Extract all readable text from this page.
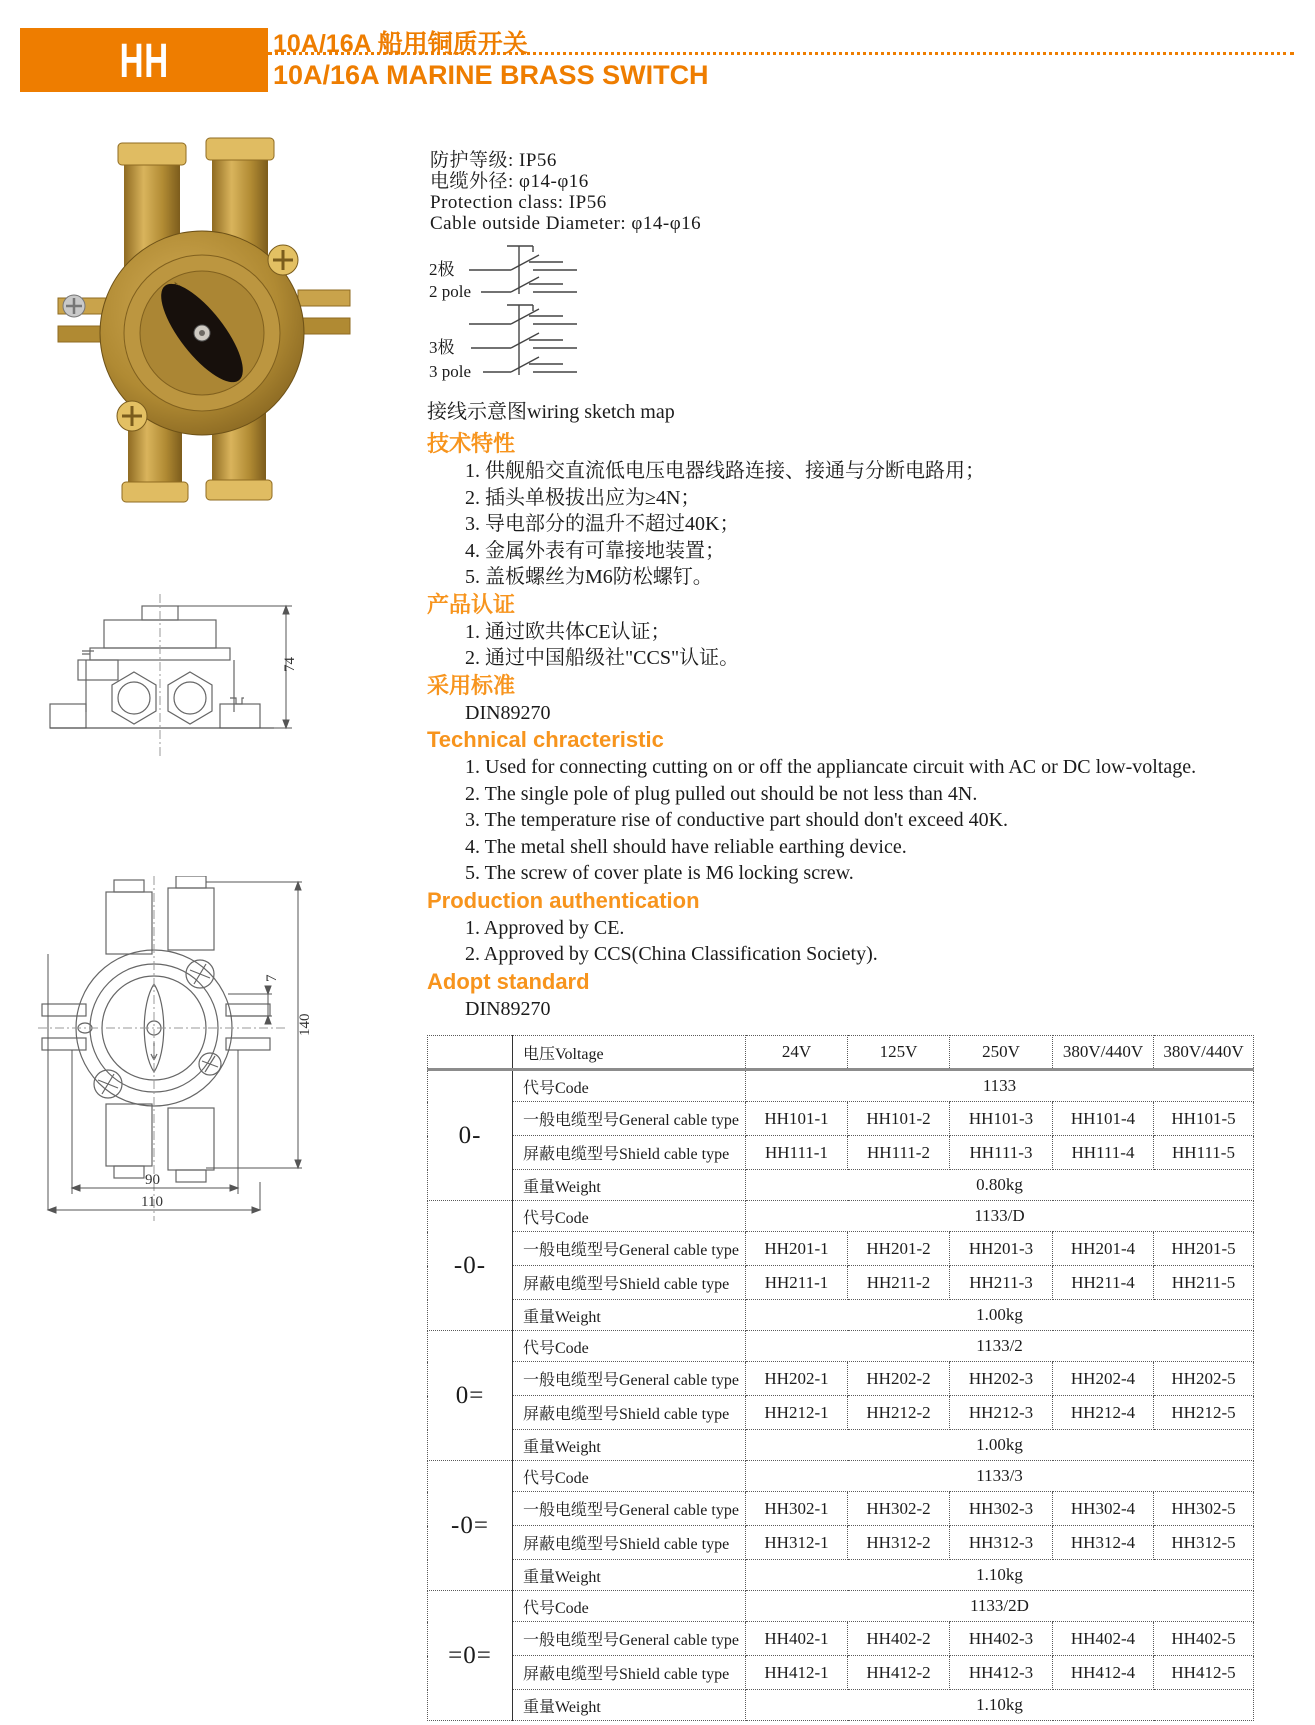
HH	10A/16A 船用铜质开关
10A/16A MARINE BRASS SWITCH
防护等级: IP56
电缆外径: φ14-φ16
Protection class: IP56
Cable outside Diameter: φ14-φ16
2极
2 pole
3极
3 pole
接线示意图wiring sketch map
技术特性
1. 供舰船交直流低电压电器线路连接、接通与分断电路用；
2. 插头单极拔出应为≥4N；
3. 导电部分的温升不超过40K；
4. 金属外表有可靠接地装置；
5. 盖板螺丝为M6防松螺钉。
产品认证
1. 通过欧共体CE认证；
2. 通过中国船级社"CCS"认证。
采用标准
DIN89270
Technical chracteristic
1. Used for connecting cutting on or off the appliancate circuit with AC or DC low-voltage.
2. The single pole of plug pulled out should be not less than 4N.
3. The temperature rise of conductive part should don't exceed 40K.
4. The metal shell should have reliable earthing device.
5. The screw of cover plate is M6 locking screw.
Production authentication
1. Approved by CE.
2. Approved by CCS(China Classification Society).
Adopt standard
DIN89270
74
7
140
90
110
	电压Voltage	24V	125V	250V	380V/440V	380V/440V
0-	代号Code	1133				
	一般电缆型号General cable type	HH101-1	HH101-2	HH101-3	HH101-4	HH101-5
	屏蔽电缆型号Shield cable type	HH111-1	HH111-2	HH111-3	HH111-4	HH111-5
	重量Weight	0.80kg				
-0-	代号Code	1133/D				
	一般电缆型号General cable type	HH201-1	HH201-2	HH201-3	HH201-4	HH201-5
	屏蔽电缆型号Shield cable type	HH211-1	HH211-2	HH211-3	HH211-4	HH211-5
	重量Weight	1.00kg				
0=	代号Code	1133/2				
	一般电缆型号General cable type	HH202-1	HH202-2	HH202-3	HH202-4	HH202-5
	屏蔽电缆型号Shield cable type	HH212-1	HH212-2	HH212-3	HH212-4	HH212-5
	重量Weight	1.00kg				
-0=	代号Code	1133/3				
	一般电缆型号General cable type	HH302-1	HH302-2	HH302-3	HH302-4	HH302-5
	屏蔽电缆型号Shield cable type	HH312-1	HH312-2	HH312-3	HH312-4	HH312-5
	重量Weight	1.10kg				
=0=	代号Code	1133/2D				
	一般电缆型号General cable type	HH402-1	HH402-2	HH402-3	HH402-4	HH402-5
	屏蔽电缆型号Shield cable type	HH412-1	HH412-2	HH412-3	HH412-4	HH412-5
	重量Weight	1.10kg				
